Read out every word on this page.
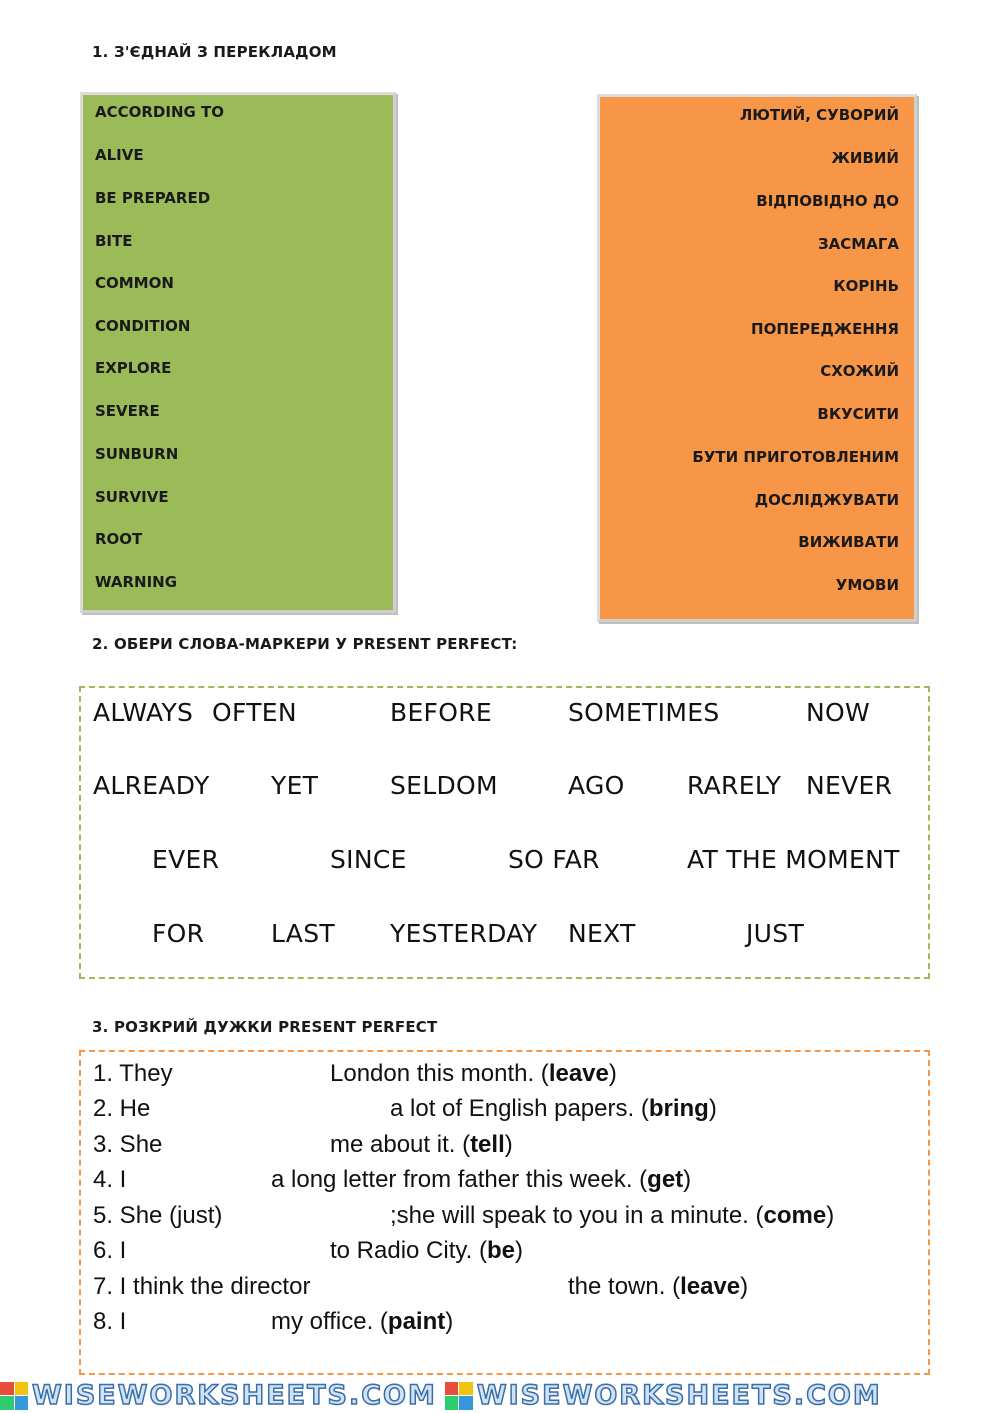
1. З'ЄДНАЙ З ПЕРЕКЛАДОМ
ACCORDING TO
ALIVE
BE PREPARED
BITE
COMMON
CONDITION
EXPLORE
SEVERE
SUNBURN
SURVIVE
ROOT
WARNING
ЛЮТИЙ, СУВОРИЙ
ЖИВИЙ
ВІДПОВІДНО ДО
ЗАСМАГА
КОРІНЬ
ПОПЕРЕДЖЕННЯ
СХОЖИЙ
ВКУСИТИ
БУТИ ПРИГОТОВЛЕНИМ
ДОСЛІДЖУВАТИ
ВИЖИВАТИ
УМОВИ
2. ОБЕРИ СЛОВА-МАРКЕРИ У PRESENT PERFECT:
ALWAYS OFTEN	BEFORE	SOMETIMES	NOW
ALREADY YET	SELDOM	AGO RARELY NEVER
EVER	SINCE	SO FAR	AT THE MOMENT
FOR	LAST YESTERDAY NEXT	JUST
3. РОЗКРИЙ ДУЖКИ PRESENT PERFECT
1. They	London this month. (leave)
2. He	a lot of English papers. (bring)
3. She	me about it. (tell)
4. I	a long letter from father this week. (get)
5. She (just)	;she will speak to you in a minute. (come)
6. I	to Radio City. (be)
7. I think the director	the town. (leave)
8. I	my office. (paint)
WISEWORKSHEETS.COM WISEWORKSHEETS.COM
